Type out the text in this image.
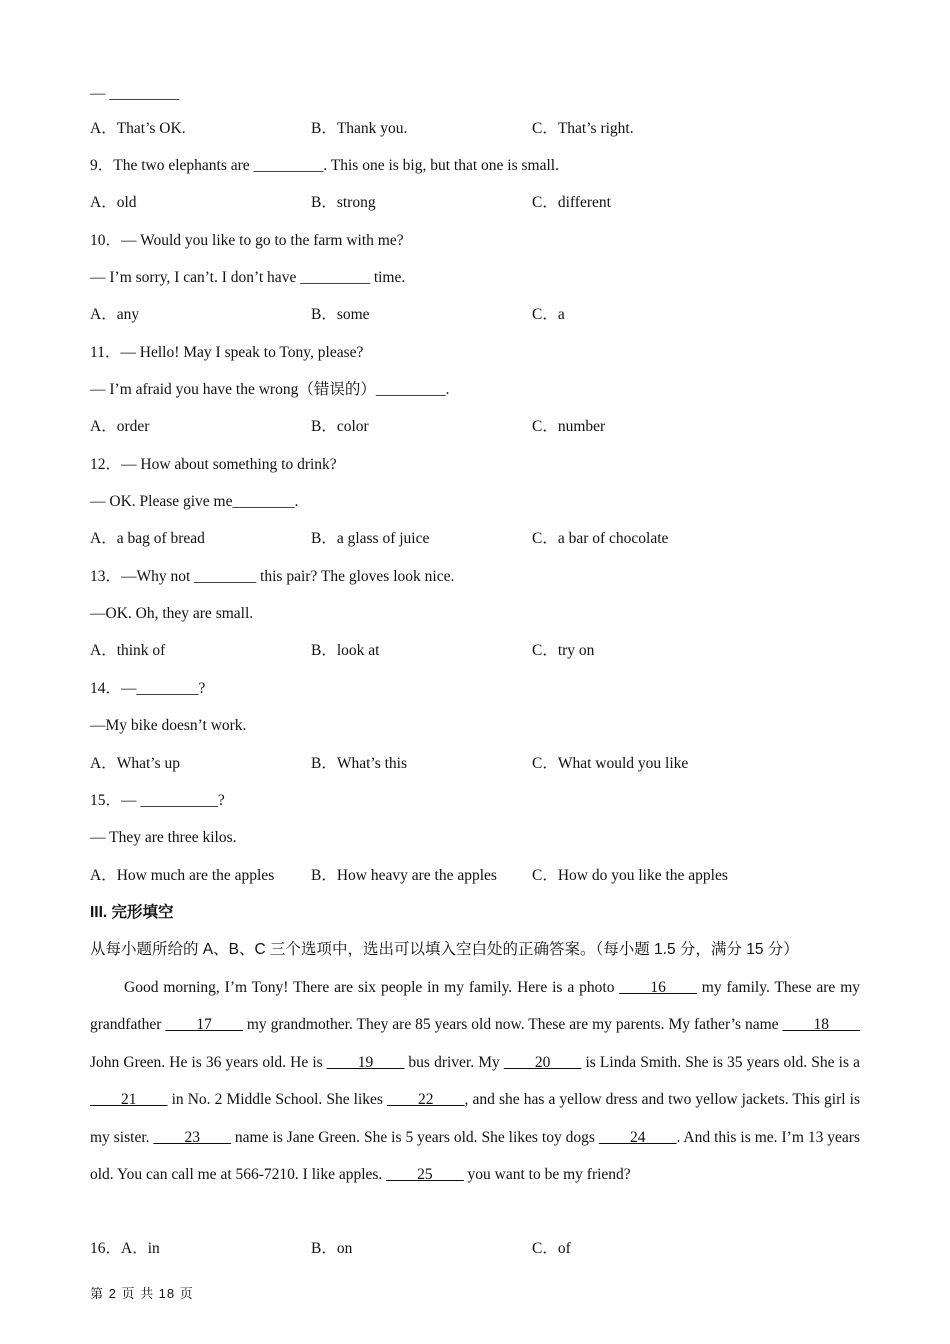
— _________
A．That’s OK.	B．Thank you.	C．That’s right.
9．The two elephants are _________. This one is big, but that one is small.
A．old	B．strong	C．different
10．— Would you like to go to the farm with me?
— I’m sorry, I can’t. I don’t have _________ time.
A．any	B．some	C．a
11．— Hello! May I speak to Tony, please?
— I’m afraid you have the wrong（错误的）_________.
A．order	B．color	C．number
12．— How about something to drink?
— OK. Please give me________.
A．a bag of bread	B．a glass of juice	C．a bar of chocolate
13．—Why not ________ this pair? The gloves look nice.
—OK. Oh, they are small.
A．think of	B．look at	C．try on
14．—________?
—My bike doesn’t work.
A．What’s up	B．What’s this	C．What would you like
15．— __________?
— They are three kilos.
A．How much are the apples B．How heavy are the apples C．How do you like the apples
III. 完形填空
从每小题所给的 A、B、C 三个选项中，选出可以填入空白处的正确答案。（每小题 1.5 分，满分 15 分）
Good morning, I’m Tony! There are six people in my family. Here is a photo ____16____ my family. These are my grandfather ____17____ my grandmother. They are 85 years old now. These are my parents. My father’s name ____18____ John Green. He is 36 years old. He is ____19____ bus driver. My ____20____ is Linda Smith. She is 35 years old. She is a ____21____ in No. 2 Middle School. She likes ____22____, and she has a yellow dress and two yellow jackets. This girl is my sister. ____23____ name is Jane Green. She is 5 years old. She likes toy dogs ____24____. And this is me. I’m 13 years old. You can call me at 566-7210. I like apples. ____25____ you want to be my friend?
16．A．in	B．on	C．of
第 2 页 共 18 页
